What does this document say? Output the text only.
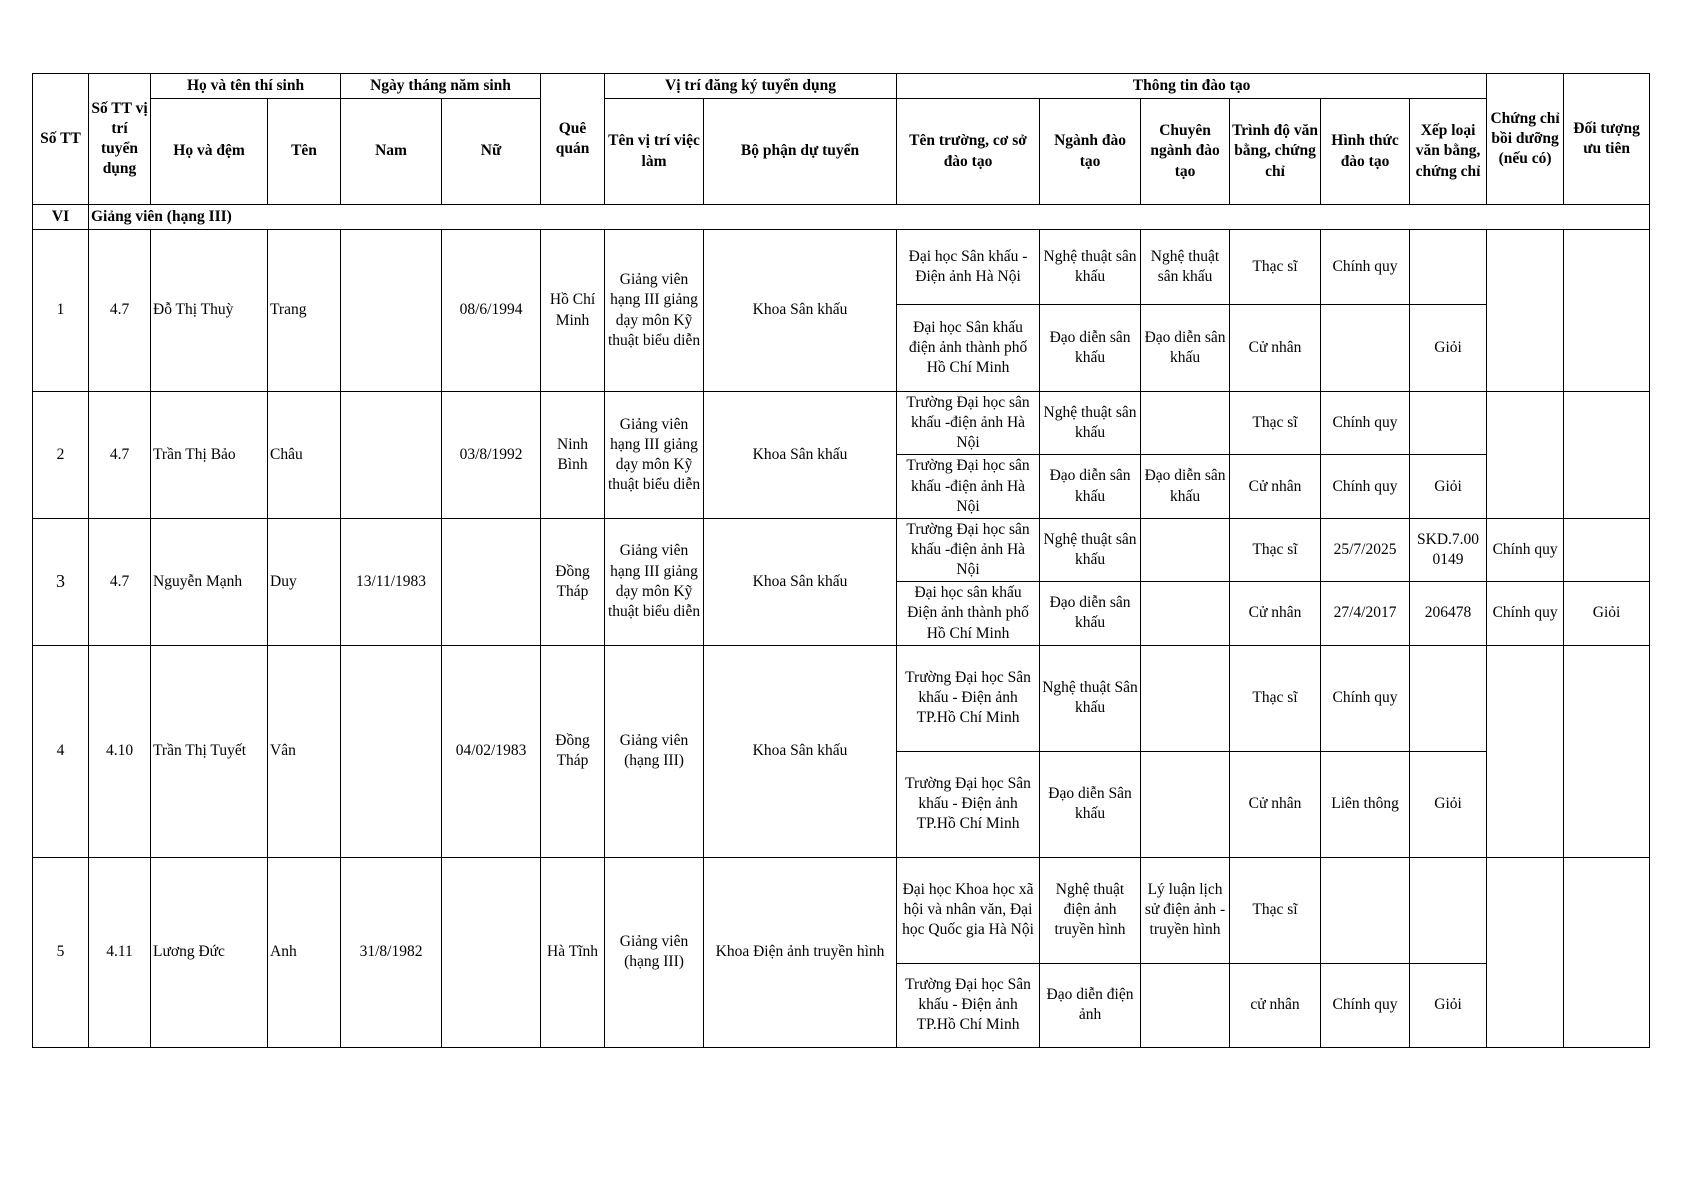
Số TT	Số TT vị trí tuyển dụng	Họ và tên thí sinh		Ngày tháng năm sinh		Quê quán	Vị trí đăng ký tuyển dụng		Thông tin đào tạo						Chứng chỉ bồi dưỡng (nếu có)	Đối tượng ưu tiên
		Họ và đệm	Tên	Nam	Nữ		Tên vị trí việc làm	Bộ phận dự tuyển	Tên trường, cơ sở đào tạo	Ngành đào tạo	Chuyên ngành đào tạo	Trình độ văn bằng, chứng chỉ	Hình thức đào tạo	Xếp loại văn bằng, chứng chỉ		
VI	Giảng viên (hạng III)															
1	4.7	Đỗ Thị Thuỳ	Trang		08/6/1994	Hồ Chí Minh	Giảng viên hạng III giảng dạy môn Kỹ thuật biểu diễn	Khoa Sân khấu	Đại học Sân khấu - Điện ảnh Hà Nội	Nghệ thuật sân khấu	Nghệ thuật sân khấu	Thạc sĩ	Chính quy			
									Đại học Sân khấu điện ảnh thành phố Hồ Chí Minh	Đạo diễn sân khấu	Đạo diễn sân khấu	Cử nhân		Giỏi		
2	4.7	Trần Thị Bảo	Châu		03/8/1992	Ninh Bình	Giảng viên hạng III giảng dạy môn Kỹ thuật biểu diễn	Khoa Sân khấu	Trường Đại học sân khấu -điện ảnh Hà Nội	Nghệ thuật sân khấu		Thạc sĩ	Chính quy			
									Trường Đại học sân khấu -điện ảnh Hà Nội	Đạo diễn sân khấu	Đạo diễn sân khấu	Cử nhân	Chính quy	Giỏi		
3	4.7	Nguyễn Mạnh	Duy	13/11/1983		Đồng Tháp	Giảng viên hạng III giảng dạy môn Kỹ thuật biểu diễn	Khoa Sân khấu	Trường Đại học sân khấu -điện ảnh Hà Nội	Nghệ thuật sân khấu		Thạc sĩ	25/7/2025	SKD.7.00 0149	Chính quy	
									Đại học sân khấu Điện ảnh thành phố Hồ Chí Minh	Đạo diễn sân khấu		Cử nhân	27/4/2017	206478	Chính quy	Giỏi
4	4.10	Trần Thị Tuyết	Vân		04/02/1983	Đồng Tháp	Giảng viên (hạng III)	Khoa Sân khấu	Trường Đại học Sân khấu - Điện ảnh TP.Hồ Chí Minh	Nghệ thuật Sân khấu		Thạc sĩ	Chính quy			
									Trường Đại học Sân khấu - Điện ảnh TP.Hồ Chí Minh	Đạo diễn Sân khấu		Cử nhân	Liên thông	Giỏi		
5	4.11	Lương Đức	Anh	31/8/1982		Hà Tĩnh	Giảng viên (hạng III)	Khoa Điện ảnh truyền hình	Đại học Khoa học xã hội và nhân văn, Đại học Quốc gia Hà Nội	Nghệ thuật điện ảnh truyền hình	Lý luận lịch sử điện ảnh - truyền hình	Thạc sĩ				
									Trường Đại học Sân khấu - Điện ảnh TP.Hồ Chí Minh	Đạo diễn điện ảnh		cử nhân	Chính quy	Giỏi		
